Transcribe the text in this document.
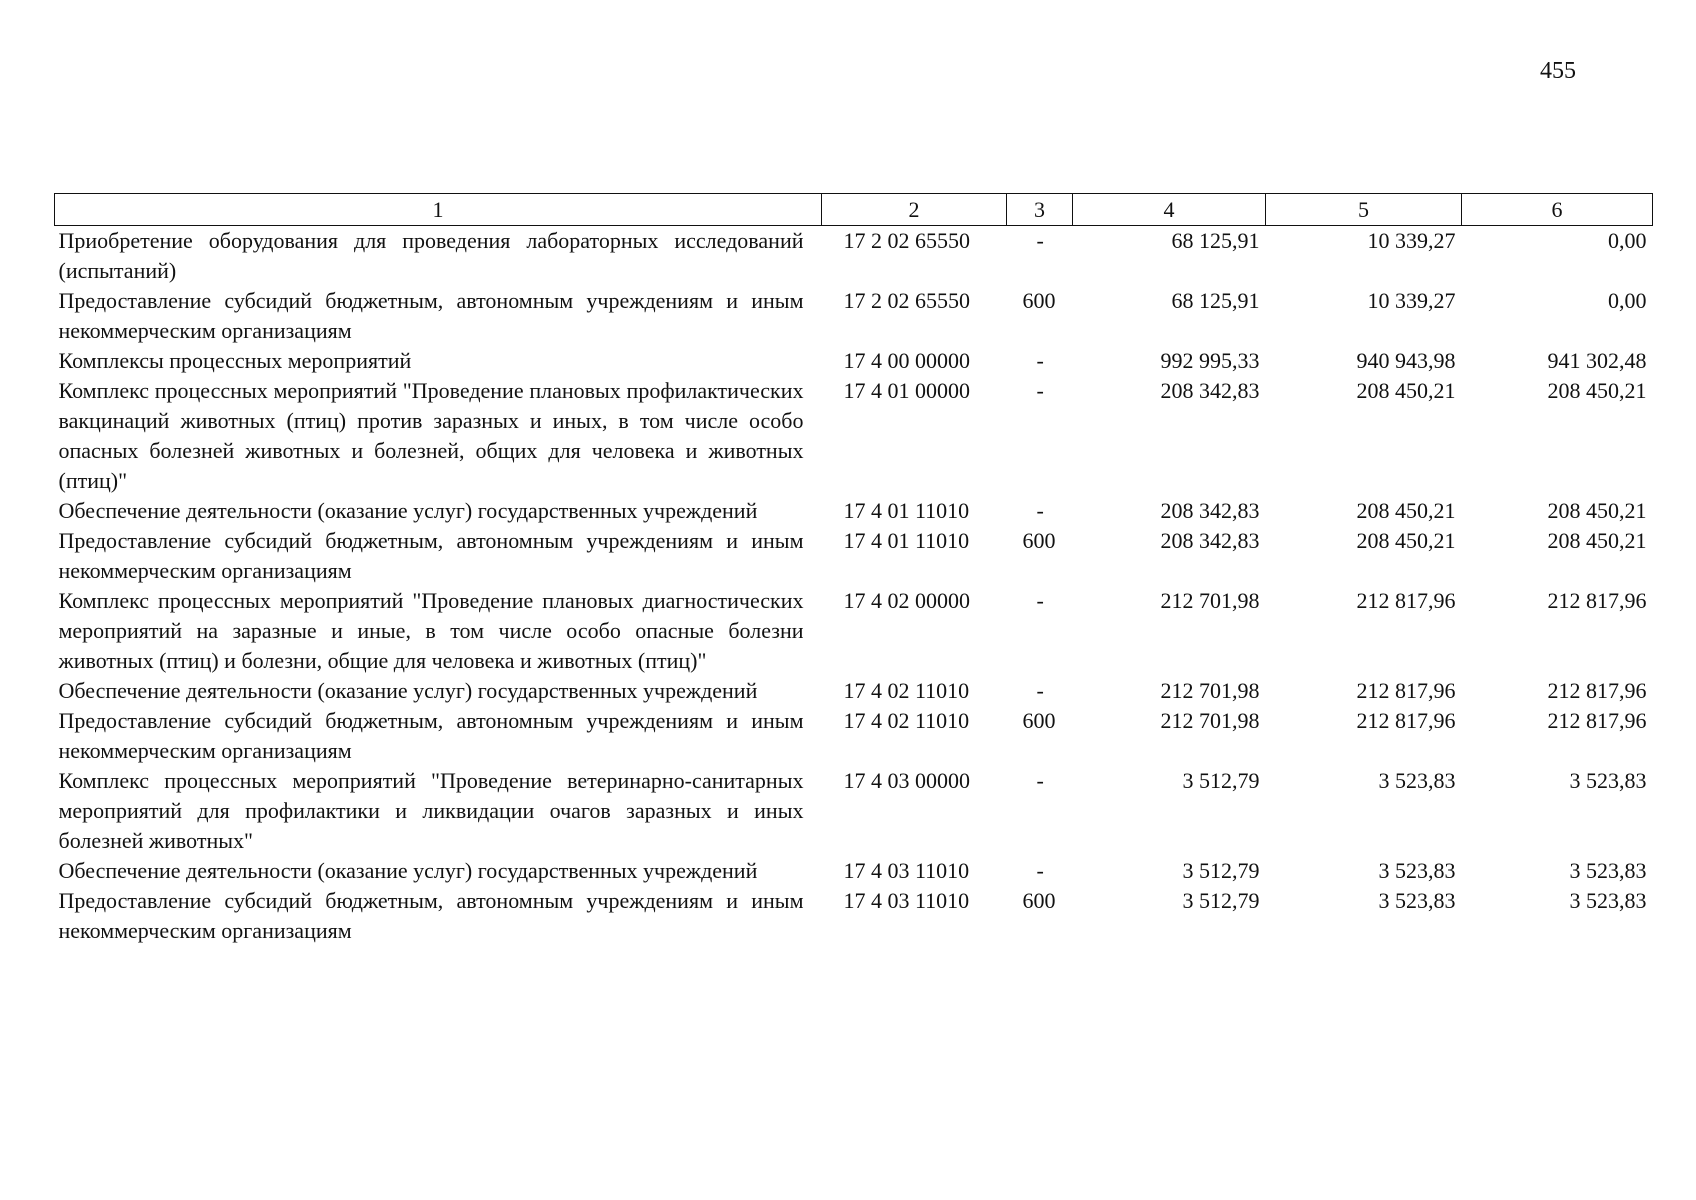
455
1	2	3	4	5	6
Приобретение оборудования для проведения лабораторных исследований (испытаний)	17 2 02 65550	-	68 125,91	10 339,27	0,00
Предоставление субсидий бюджетным, автономным учреждениям и иным некоммерческим организациям	17 2 02 65550	600	68 125,91	10 339,27	0,00
Комплексы процессных мероприятий	17 4 00 00000	-	992 995,33	940 943,98	941 302,48
Комплекс процессных мероприятий "Проведение плановых профилактических вакцинаций животных (птиц) против заразных и иных, в том числе особо опасных болезней животных и болезней, общих для человека и животных (птиц)"	17 4 01 00000	-	208 342,83	208 450,21	208 450,21
Обеспечение деятельности (оказание услуг) государственных учреждений	17 4 01 11010	-	208 342,83	208 450,21	208 450,21
Предоставление субсидий бюджетным, автономным учреждениям и иным некоммерческим организациям	17 4 01 11010	600	208 342,83	208 450,21	208 450,21
Комплекс процессных мероприятий "Проведение плановых диагностических мероприятий на заразные и иные, в том числе особо опасные болезни животных (птиц) и болезни, общие для человека и животных (птиц)"	17 4 02 00000	-	212 701,98	212 817,96	212 817,96
Обеспечение деятельности (оказание услуг) государственных учреждений	17 4 02 11010	-	212 701,98	212 817,96	212 817,96
Предоставление субсидий бюджетным, автономным учреждениям и иным некоммерческим организациям	17 4 02 11010	600	212 701,98	212 817,96	212 817,96
Комплекс процессных мероприятий "Проведение ветеринарно-санитарных мероприятий для профилактики и ликвидации очагов заразных и иных болезней животных"	17 4 03 00000	-	3 512,79	3 523,83	3 523,83
Обеспечение деятельности (оказание услуг) государственных учреждений	17 4 03 11010	-	3 512,79	3 523,83	3 523,83
Предоставление субсидий бюджетным, автономным учреждениям и иным некоммерческим организациям	17 4 03 11010	600	3 512,79	3 523,83	3 523,83
